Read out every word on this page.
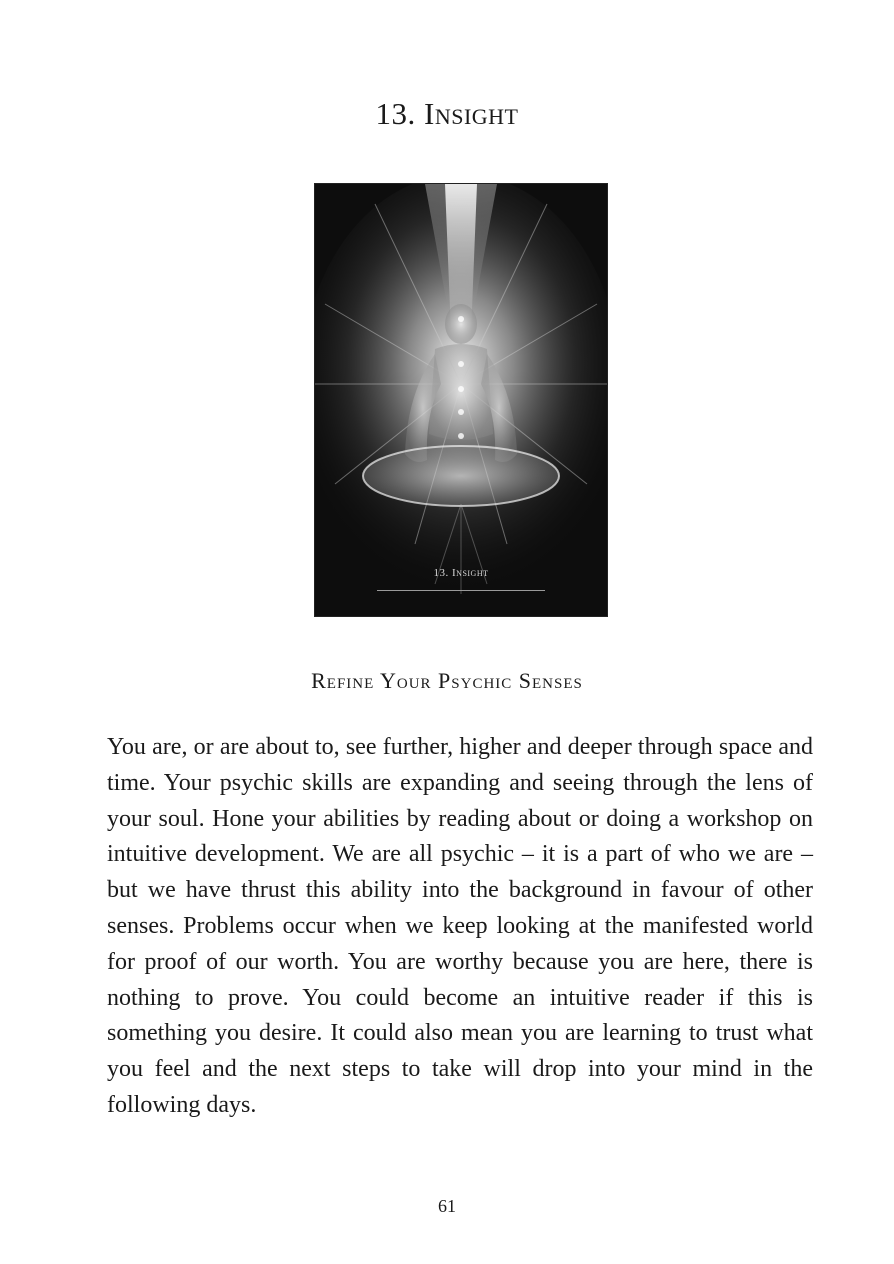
13. Insight
13. Insight
Refine Your Psychic Senses

You are, or are about to, see further, higher and deeper through space and time. Your psychic skills are expanding and seeing through the lens of your soul. Hone your abilities by reading about or doing a workshop on intuitive development. We are all psychic – it is a part of who we are – but we have thrust this ability into the background in favour of other senses. Problems occur when we keep looking at the manifested world for proof of our worth. You are worthy because you are here, there is nothing to prove. You could become an intuitive reader if this is something you desire. It could also mean you are learning to trust what you feel and the next steps to take will drop into your mind in the following days.

61
